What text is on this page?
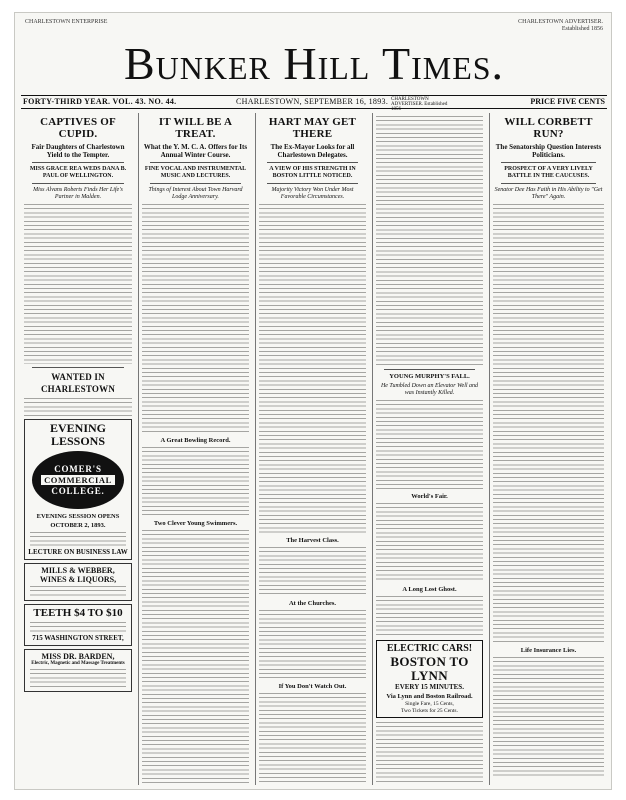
CHARLESTOWN ENTERPRISE	CHARLESTOWN ADVERTISER. Established 1856
Bunker Hill Times.
FORTY-THIRD YEAR. VOL. 43. NO. 44.	CHARLESTOWN, SEPTEMBER 16, 1893. CHARLESTOWN ADVERTISER. Established 1856
PRICE FIVE CENTS
CAPTIVES OF CUPID.
Fair Daughters of Charlestown Yield to the Tempter.
MISS GRACE REA WEDS DANA B. PAUL OF WELLINGTON.
Miss Alvans Roberts Finds Her Life's Partner in Malden.
WANTED IN CHARLESTOWN
EVENING LESSONS
COMER'S
COMMERCIAL
COLLEGE.
EVENING SESSION OPENS OCTOBER 2, 1893.
LECTURE ON BUSINESS LAW
MILLS & WEBBER,
WINES & LIQUORS,
TEETH $4 TO $10
715 WASHINGTON STREET,
MISS DR. BARDEN,
Electric, Magnetic and Massage Treatments
IT WILL BE A TREAT.
What the Y. M. C. A. Offers for Its Annual Winter Course.
FINE VOCAL AND INSTRUMENTAL MUSIC AND LECTURES.
Things of Interest About Town Harvard Lodge Anniversary.
A Great Bowling Record.
Two Clever Young Swimmers.
HART MAY GET THERE
The Ex-Mayor Looks for all Charlestown Delegates.
A VIEW OF HIS STRENGTH IN BOSTON LITTLE NOTICED.
Majority Victory Won Under Most Favorable Circumstances.
The Harvest Class.
At the Churches.
If You Don't Watch Out.
YOUNG MURPHY'S FALL.
He Tumbled Down an Elevator Well and was Instantly Killed.
World's Fair.
A Long Lost Ghost.
ELECTRIC CARS!
BOSTON TO LYNN
EVERY 15 MINUTES.
Via Lynn and Boston Railroad.
Single Fare, 15 Cents,
Two Tickets for 25 Cents.
WILL CORBETT RUN?
The Senatorship Question Interests Politicians.
PROSPECT OF A VERY LIVELY BATTLE IN THE CAUCUSES.
Senator Dee Has Faith in His Ability to "Get There" Again.
Life Insurance Lies.
